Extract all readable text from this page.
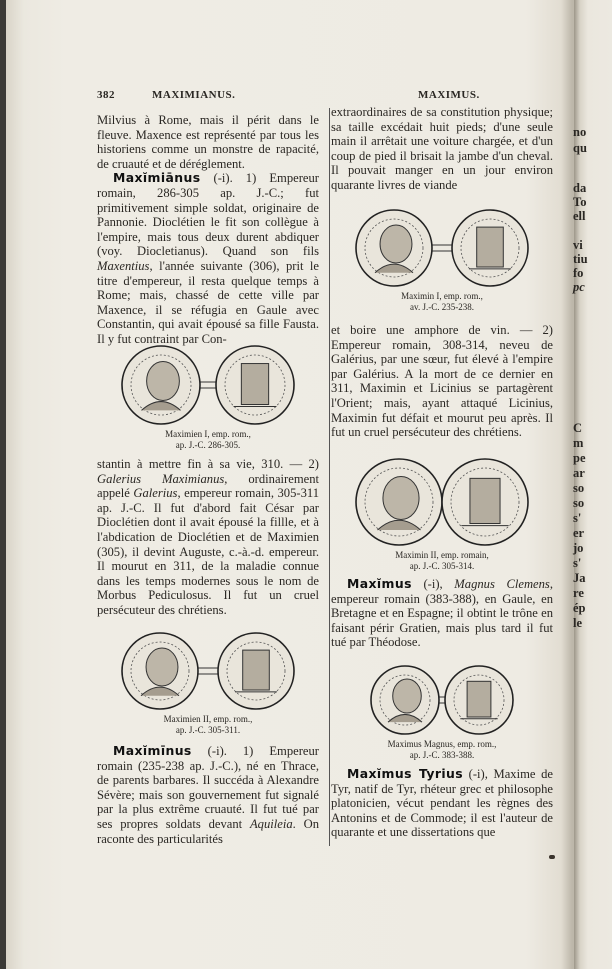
382	MAXIMIANUS.	MAXIMUS.

Milvius à Rome, mais il périt dans le fleuve. Maxence est représenté par tous les historiens comme un monstre de rapacité, de cruauté et de déréglement.

Maxĭmiānus (-i). 1) Empereur romain, 286-305 ap. J.-C.; fut primitivement simple soldat, originaire de Pannonie. Dioclétien le fit son collègue à l'empire, mais tous deux durent abdiquer (voy. Diocletianus). Quand son fils Maxentius, l'année suivante (306), prit le titre d'empereur, il resta quelque temps à Rome; mais, chassé de cette ville par Maxence, il se réfugia en Gaule avec Constantin, qui avait épousé sa fille Fausta. Il y fut contraint par Con-

Maximien I, emp. rom.,
ap. J.-C. 286-305.

stantin à mettre fin à sa vie, 310. — 2) Galerius Maximianus, ordinairement appelé Galerius, empereur romain, 305-311 ap. J.-C. Il fut d'abord fait César par Dioclétien dont il avait épousé la fillle, et à l'abdication de Dioclétien et de Maximien (305), il devint Auguste, c.-à.-d. empereur. Il mourut en 311, de la maladie connue dans les temps modernes sous le nom de Morbus Pediculosus. Il fut un cruel persécuteur des chrétiens.

Maximien II, emp. rom.,
ap. J.-C. 305-311.

Maxĭmīnus (-i). 1) Empereur romain (235-238 ap. J.-C.), né en Thrace, de parents barbares. Il succéda à Alexandre Sévère; mais son gouvernement fut signalé par la plus extrême cruauté. Il fut tué par ses propres soldats devant Aquileia. On raconte des particularités

extraordinaires de sa constitution physique; sa taille excédait huit pieds; d'une seule main il arrêtait une voiture chargée, et d'un coup de pied il brisait la jambe d'un cheval. Il pouvait manger en un jour environ quarante livres de viande

Maximin I, emp. rom.,
av. J.-C. 235-238.

et boire une amphore de vin. — 2) Empereur romain, 308-314, neveu de Galérius, par une sœur, fut élevé à l'empire par Galérius. A la mort de ce dernier en 311, Maximin et Licinius se partagèrent l'Orient; mais, ayant attaqué Licinius, Maximin fut défait et mourut peu après. Il fut un cruel persécuteur des chrétiens.

Maximin II, emp. romain,
ap. J.-C. 305-314.

Maxĭmus (-i), Magnus Clemens, empereur romain (383-388), en Gaule, en Bretagne et en Espagne; il obtint le trône en faisant périr Gratien, mais plus tard il fut tué par Théodose.

Maximus Magnus, emp. rom.,
ap. J.-C. 383-388.

Maxĭmus Tyrius (-i), Maxime de Tyr, natif de Tyr, rhéteur grec et philosophe platonicien, vécut pendant les règnes des Antonins et de Commode; il est l'auteur de quarante et une dissertations que

no
qu
da
To
ell
vi
tiu
fo
pc
C
m
pe
ar
so
so
s'
er
jo
s'
Ja
re
ép
le
